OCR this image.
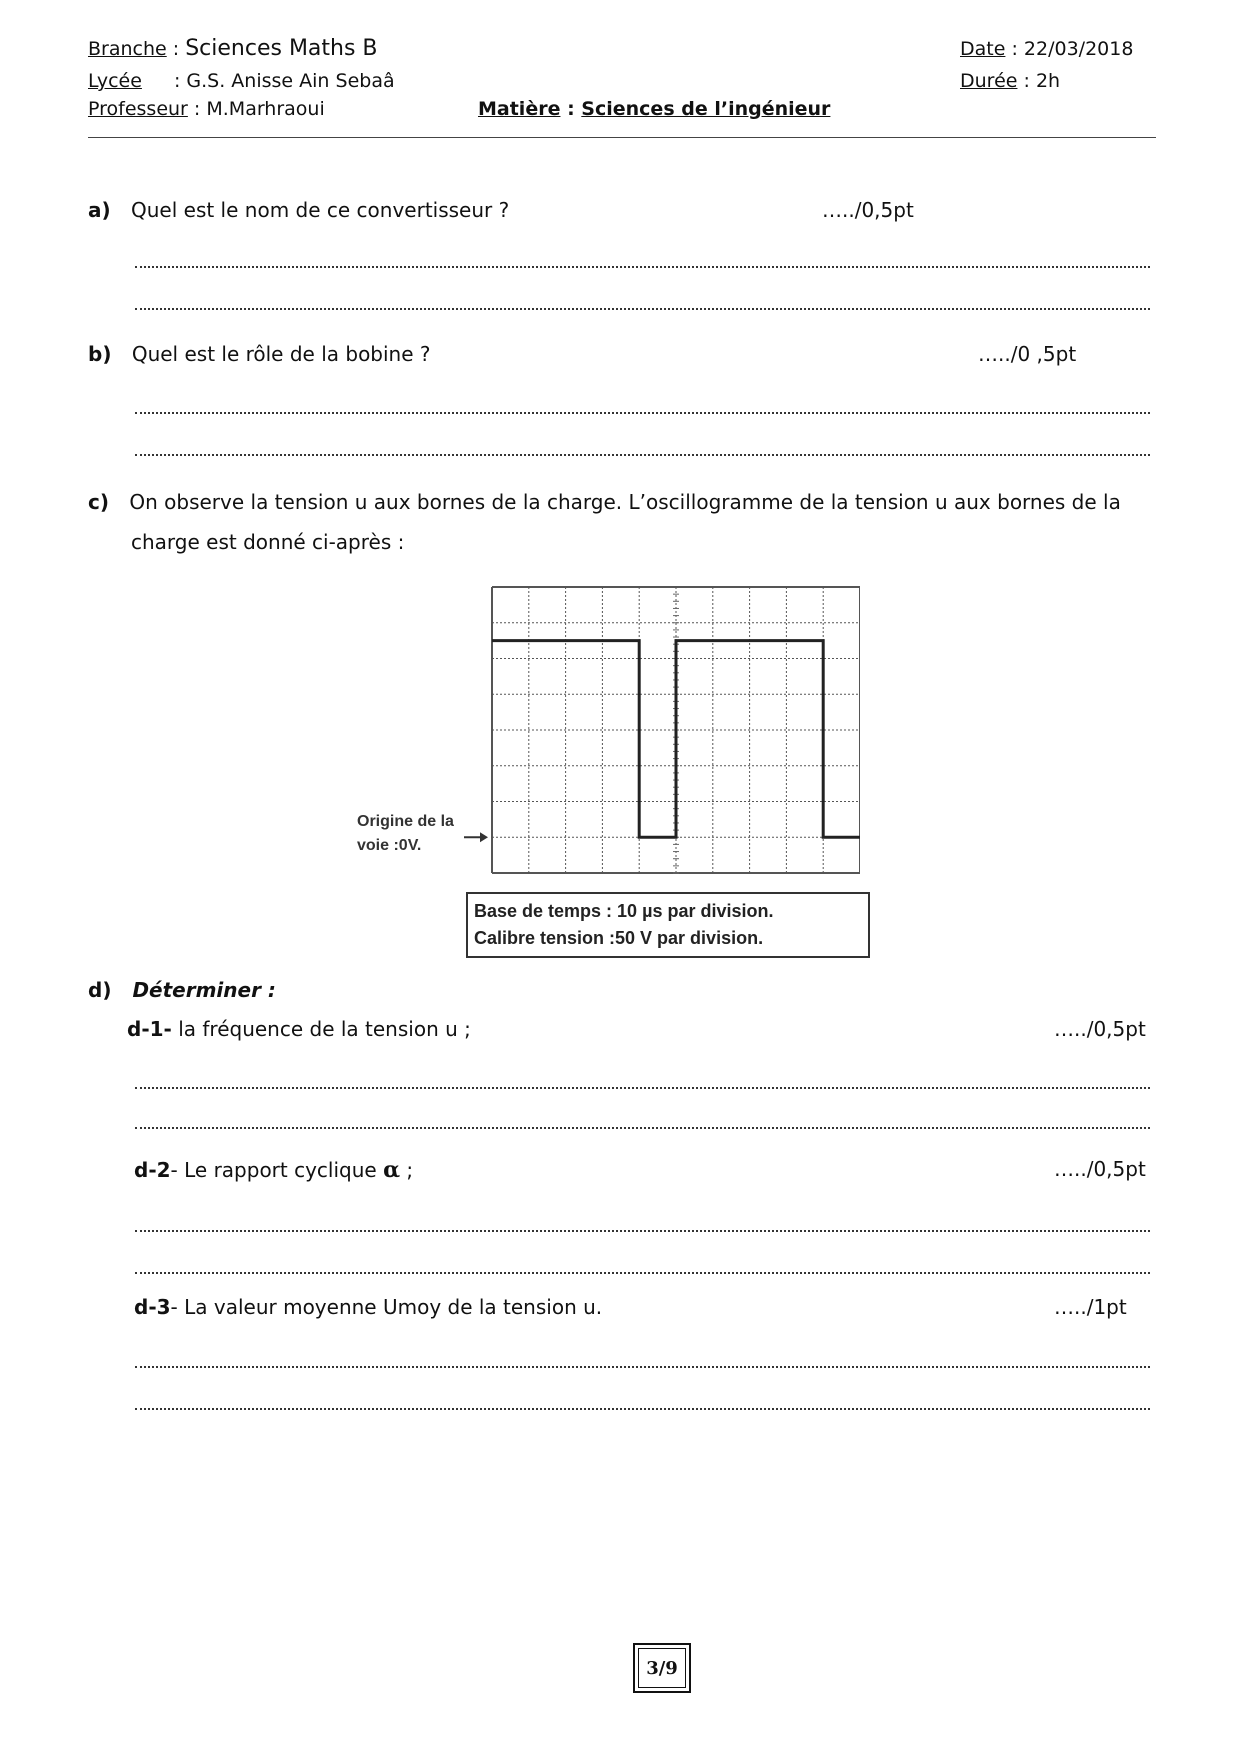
Branche : Sciences Maths B
Lycée : G.S. Anisse Ain Sebaâ
Professeur : M.Marhraoui	Matière : Sciences de l’ingénieur
Date : 22/03/2018
Durée : 2h
a) Quel est le nom de ce convertisseur ?	…../0,5pt
b) Quel est le rôle de la bobine ?	…../0 ,5pt
c) On observe la tension u aux bornes de la charge. L’oscillogramme de la tension u aux bornes de la
charge est donné ci-après :
Origine de la
voie :0V.
Base de temps : 10 µs par division.
Calibre tension :50 V par division.
d) Déterminer :
d-1- la fréquence de la tension u ;	…../0,5pt
d-2- Le rapport cyclique α ;	…../0,5pt
d-3- La valeur moyenne Umoy de la tension u.	…../1pt
3/9
